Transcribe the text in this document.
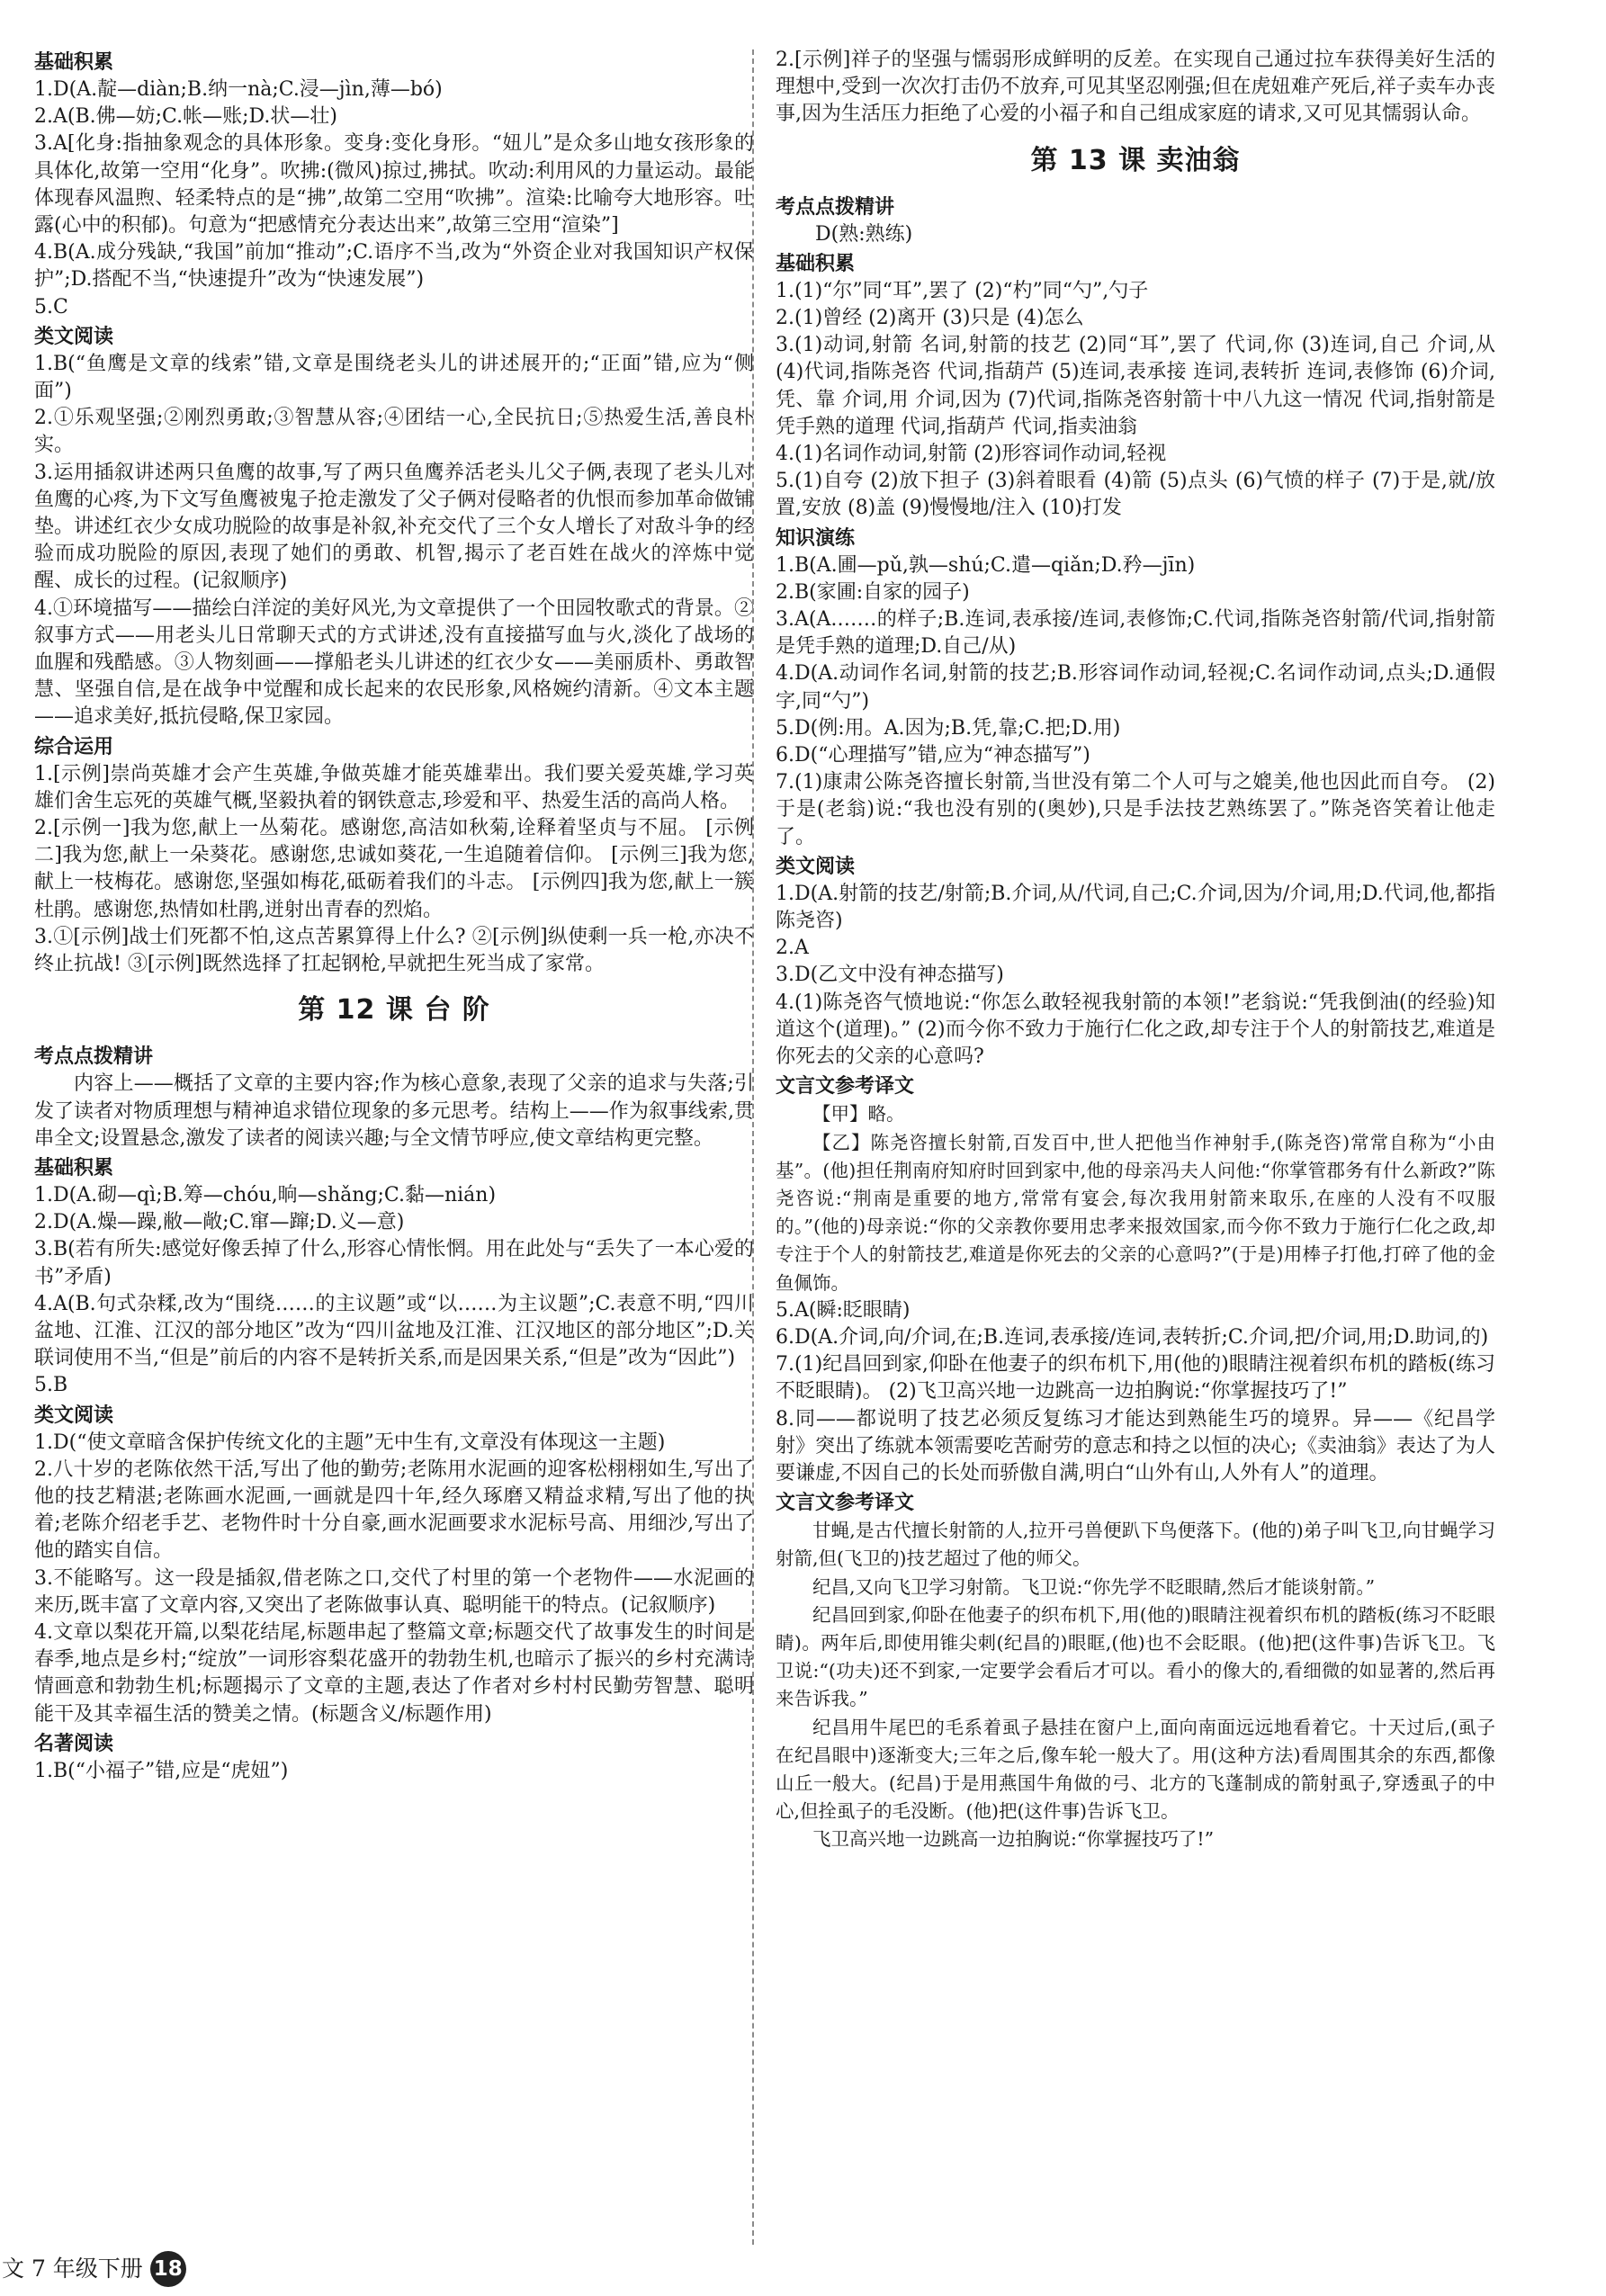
基础积累
1.D(A.靛—diàn;B.纳一nà;C.浸—jìn,薄—bó)
2.A(B.佛—妨;C.帐—账;D.状—壮)
3.A[化身:指抽象观念的具体形象。变身:变化身形。“妞儿”是众多山地女孩形象的具体化,故第一空用“化身”。吹拂:(微风)掠过,拂拭。吹动:利用风的力量运动。最能体现春风温煦、轻柔特点的是“拂”,故第二空用“吹拂”。渲染:比喻夸大地形容。吐露(心中的积郁)。句意为“把感情充分表达出来”,故第三空用“渲染”]
4.B(A.成分残缺,“我国”前加“推动”;C.语序不当,改为“外资企业对我国知识产权保护”;D.搭配不当,“快速提升”改为“快速发展”)
5.C
类文阅读
1.B(“鱼鹰是文章的线索”错,文章是围绕老头儿的讲述展开的;“正面”错,应为“侧面”)
2.①乐观坚强;②刚烈勇敢;③智慧从容;④团结一心,全民抗日;⑤热爱生活,善良朴实。
3.运用插叙讲述两只鱼鹰的故事,写了两只鱼鹰养活老头儿父子俩,表现了老头儿对鱼鹰的心疼,为下文写鱼鹰被鬼子抢走激发了父子俩对侵略者的仇恨而参加革命做铺垫。讲述红衣少女成功脱险的故事是补叙,补充交代了三个女人增长了对敌斗争的经验而成功脱险的原因,表现了她们的勇敢、机智,揭示了老百姓在战火的淬炼中觉醒、成长的过程。(记叙顺序)
4.①环境描写——描绘白洋淀的美好风光,为文章提供了一个田园牧歌式的背景。②叙事方式——用老头儿日常聊天式的方式讲述,没有直接描写血与火,淡化了战场的血腥和残酷感。③人物刻画——撑船老头儿讲述的红衣少女——美丽质朴、勇敢智慧、坚强自信,是在战争中觉醒和成长起来的农民形象,风格婉约清新。④文本主题——追求美好,抵抗侵略,保卫家园。
综合运用
1.[示例]崇尚英雄才会产生英雄,争做英雄才能英雄辈出。我们要关爱英雄,学习英雄们舍生忘死的英雄气概,坚毅执着的钢铁意志,珍爱和平、热爱生活的高尚人格。
2.[示例一]我为您,献上一丛菊花。感谢您,高洁如秋菊,诠释着坚贞与不屈。 [示例二]我为您,献上一朵葵花。感谢您,忠诚如葵花,一生追随着信仰。 [示例三]我为您,献上一枝梅花。感谢您,坚强如梅花,砥砺着我们的斗志。 [示例四]我为您,献上一簇杜鹃。感谢您,热情如杜鹃,迸射出青春的烈焰。
3.①[示例]战士们死都不怕,这点苦累算得上什么? ②[示例]纵使剩一兵一枪,亦决不终止抗战! ③[示例]既然选择了扛起钢枪,早就把生死当成了家常。
第 12 课 台 阶
考点点拨精讲
内容上——概括了文章的主要内容;作为核心意象,表现了父亲的追求与失落;引发了读者对物质理想与精神追求错位现象的多元思考。结构上——作为叙事线索,贯串全文;设置悬念,激发了读者的阅读兴趣;与全文情节呼应,使文章结构更完整。
基础积累
1.D(A.砌—qì;B.筹—chóu,晌—shǎng;C.黏—nián)
2.D(A.燥—躁,敝—敞;C.窜—蹿;D.义—意)
3.B(若有所失:感觉好像丢掉了什么,形容心情怅惘。用在此处与“丢失了一本心爱的书”矛盾)
4.A(B.句式杂糅,改为“围绕……的主议题”或“以……为主议题”;C.表意不明,“四川盆地、江淮、江汉的部分地区”改为“四川盆地及江淮、江汉地区的部分地区”;D.关联词使用不当,“但是”前后的内容不是转折关系,而是因果关系,“但是”改为“因此”)
5.B
类文阅读
1.D(“使文章暗含保护传统文化的主题”无中生有,文章没有体现这一主题)
2.八十岁的老陈依然干活,写出了他的勤劳;老陈用水泥画的迎客松栩栩如生,写出了他的技艺精湛;老陈画水泥画,一画就是四十年,经久琢磨又精益求精,写出了他的执着;老陈介绍老手艺、老物件时十分自豪,画水泥画要求水泥标号高、用细沙,写出了他的踏实自信。
3.不能略写。这一段是插叙,借老陈之口,交代了村里的第一个老物件——水泥画的来历,既丰富了文章内容,又突出了老陈做事认真、聪明能干的特点。(记叙顺序)
4.文章以梨花开篇,以梨花结尾,标题串起了整篇文章;标题交代了故事发生的时间是春季,地点是乡村;“绽放”一词形容梨花盛开的勃勃生机,也暗示了振兴的乡村充满诗情画意和勃勃生机;标题揭示了文章的主题,表达了作者对乡村村民勤劳智慧、聪明能干及其幸福生活的赞美之情。(标题含义/标题作用)
名著阅读
1.B(“小福子”错,应是“虎妞”)
2.[示例]祥子的坚强与懦弱形成鲜明的反差。在实现自己通过拉车获得美好生活的理想中,受到一次次打击仍不放弃,可见其坚忍刚强;但在虎妞难产死后,祥子卖车办丧事,因为生活压力拒绝了心爱的小福子和自己组成家庭的请求,又可见其懦弱认命。
第 13 课 卖油翁
考点点拨精讲
D(熟:熟练)
基础积累
1.(1)“尔”同“耳”,罢了 (2)“杓”同“勺”,勺子
2.(1)曾经 (2)离开 (3)只是 (4)怎么
3.(1)动词,射箭 名词,射箭的技艺 (2)同“耳”,罢了 代词,你 (3)连词,自己 介词,从 (4)代词,指陈尧咨 代词,指葫芦 (5)连词,表承接 连词,表转折 连词,表修饰 (6)介词,凭、靠 介词,用 介词,因为 (7)代词,指陈尧咨射箭十中八九这一情况 代词,指射箭是凭手熟的道理 代词,指葫芦 代词,指卖油翁
4.(1)名词作动词,射箭 (2)形容词作动词,轻视
5.(1)自夸 (2)放下担子 (3)斜着眼看 (4)箭 (5)点头 (6)气愤的样子 (7)于是,就/放置,安放 (8)盖 (9)慢慢地/注入 (10)打发
知识演练
1.B(A.圃—pǔ,孰—shú;C.遣—qiǎn;D.矜—jīn)
2.B(家圃:自家的园子)
3.A(A.……的样子;B.连词,表承接/连词,表修饰;C.代词,指陈尧咨射箭/代词,指射箭是凭手熟的道理;D.自己/从)
4.D(A.动词作名词,射箭的技艺;B.形容词作动词,轻视;C.名词作动词,点头;D.通假字,同“勺”)
5.D(例:用。A.因为;B.凭,靠;C.把;D.用)
6.D(“心理描写”错,应为“神态描写”)
7.(1)康肃公陈尧咨擅长射箭,当世没有第二个人可与之媲美,他也因此而自夸。 (2)于是(老翁)说:“我也没有别的(奥妙),只是手法技艺熟练罢了。”陈尧咨笑着让他走了。
类文阅读
1.D(A.射箭的技艺/射箭;B.介词,从/代词,自己;C.介词,因为/介词,用;D.代词,他,都指陈尧咨)
2.A
3.D(乙文中没有神态描写)
4.(1)陈尧咨气愤地说:“你怎么敢轻视我射箭的本领!”老翁说:“凭我倒油(的经验)知道这个(道理)。” (2)而今你不致力于施行仁化之政,却专注于个人的射箭技艺,难道是你死去的父亲的心意吗?
文言文参考译文
【甲】略。
【乙】陈尧咨擅长射箭,百发百中,世人把他当作神射手,(陈尧咨)常常自称为“小由基”。(他)担任荆南府知府时回到家中,他的母亲冯夫人问他:“你掌管郡务有什么新政?”陈尧咨说:“荆南是重要的地方,常常有宴会,每次我用射箭来取乐,在座的人没有不叹服的。”(他的)母亲说:“你的父亲教你要用忠孝来报效国家,而今你不致力于施行仁化之政,却专注于个人的射箭技艺,难道是你死去的父亲的心意吗?”(于是)用棒子打他,打碎了他的金鱼佩饰。
5.A(瞬:眨眼睛)
6.D(A.介词,向/介词,在;B.连词,表承接/连词,表转折;C.介词,把/介词,用;D.助词,的)
7.(1)纪昌回到家,仰卧在他妻子的织布机下,用(他的)眼睛注视着织布机的踏板(练习不眨眼睛)。 (2)飞卫高兴地一边跳高一边拍胸说:“你掌握技巧了!”
8.同——都说明了技艺必须反复练习才能达到熟能生巧的境界。异——《纪昌学射》突出了练就本领需要吃苦耐劳的意志和持之以恒的决心;《卖油翁》表达了为人要谦虚,不因自己的长处而骄傲自满,明白“山外有山,人外有人”的道理。
文言文参考译文
甘蝇,是古代擅长射箭的人,拉开弓兽便趴下鸟便落下。(他的)弟子叫飞卫,向甘蝇学习射箭,但(飞卫的)技艺超过了他的师父。
纪昌,又向飞卫学习射箭。飞卫说:“你先学不眨眼睛,然后才能谈射箭。”
纪昌回到家,仰卧在他妻子的织布机下,用(他的)眼睛注视着织布机的踏板(练习不眨眼睛)。两年后,即使用锥尖刺(纪昌的)眼眶,(他)也不会眨眼。(他)把(这件事)告诉飞卫。飞卫说:“(功夫)还不到家,一定要学会看后才可以。看小的像大的,看细微的如显著的,然后再来告诉我。”
纪昌用牛尾巴的毛系着虱子悬挂在窗户上,面向南面远远地看着它。十天过后,(虱子在纪昌眼中)逐渐变大;三年之后,像车轮一般大了。用(这种方法)看周围其余的东西,都像山丘一般大。(纪昌)于是用燕国牛角做的弓、北方的飞蓬制成的箭射虱子,穿透虱子的中心,但拴虱子的毛没断。(他)把(这件事)告诉飞卫。
飞卫高兴地一边跳高一边拍胸说:“你掌握技巧了!”
文 7 年级下册 18
